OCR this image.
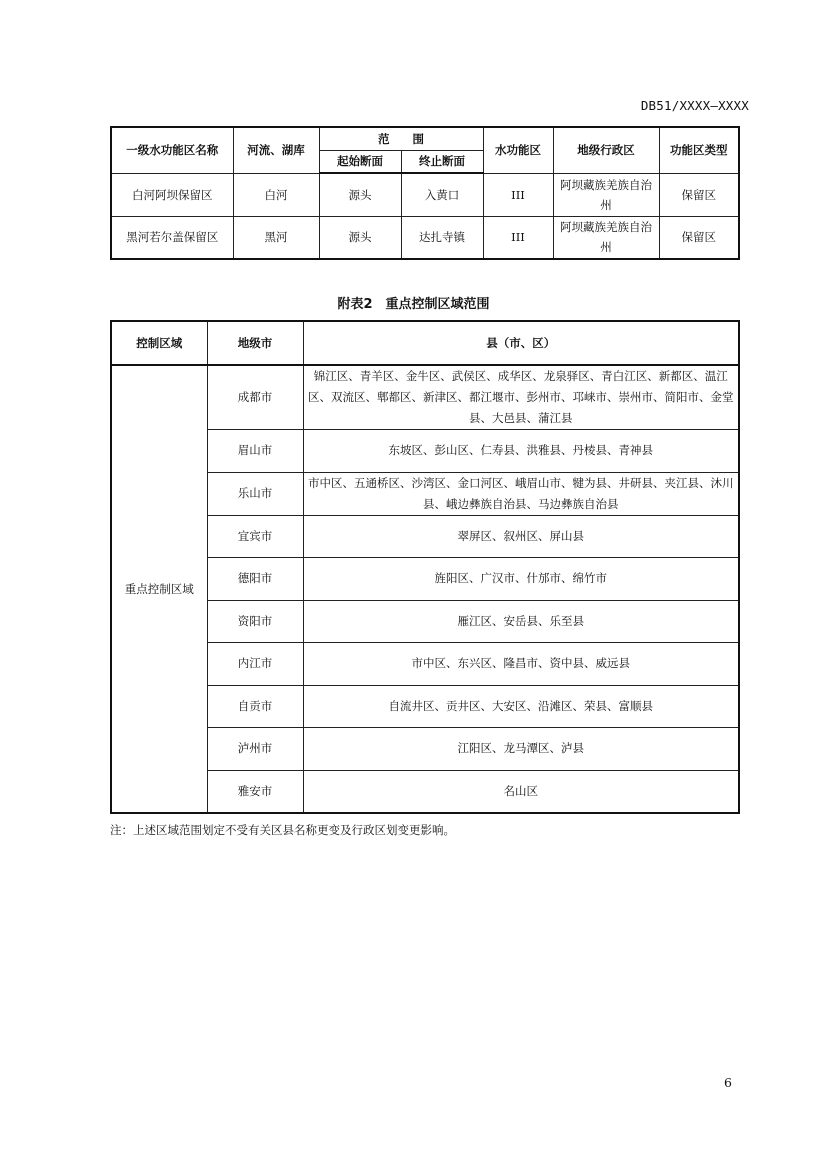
DB51/XXXX—XXXX
一级水功能区名称	河流、湖库	范　　围		水功能区	地级行政区	功能区类型
		起始断面	终止断面			
白河阿坝保留区	白河	源头	入黄口	III	阿坝藏族羌族自治州	保留区
黑河若尔盖保留区	黑河	源头	达扎寺镇	III	阿坝藏族羌族自治州	保留区
附表2　重点控制区域范围
控制区域	地级市	县（市、区）
重点控制区域	成都市	锦江区、青羊区、金牛区、武侯区、成华区、龙泉驿区、青白江区、新都区、温江区、双流区、郫都区、新津区、都江堰市、彭州市、邛崃市、崇州市、简阳市、金堂县、大邑县、蒲江县
	眉山市	东坡区、彭山区、仁寿县、洪雅县、丹棱县、青神县
	乐山市	市中区、五通桥区、沙湾区、金口河区、峨眉山市、犍为县、井研县、夹江县、沐川县、峨边彝族自治县、马边彝族自治县
	宜宾市	翠屏区、叙州区、屏山县
	德阳市	旌阳区、广汉市、什邡市、绵竹市
	资阳市	雁江区、安岳县、乐至县
	内江市	市中区、东兴区、隆昌市、资中县、威远县
	自贡市	自流井区、贡井区、大安区、沿滩区、荣县、富顺县
	泸州市	江阳区、龙马潭区、泸县
	雅安市	名山区
注：上述区域范围划定不受有关区县名称更变及行政区划变更影响。
6
